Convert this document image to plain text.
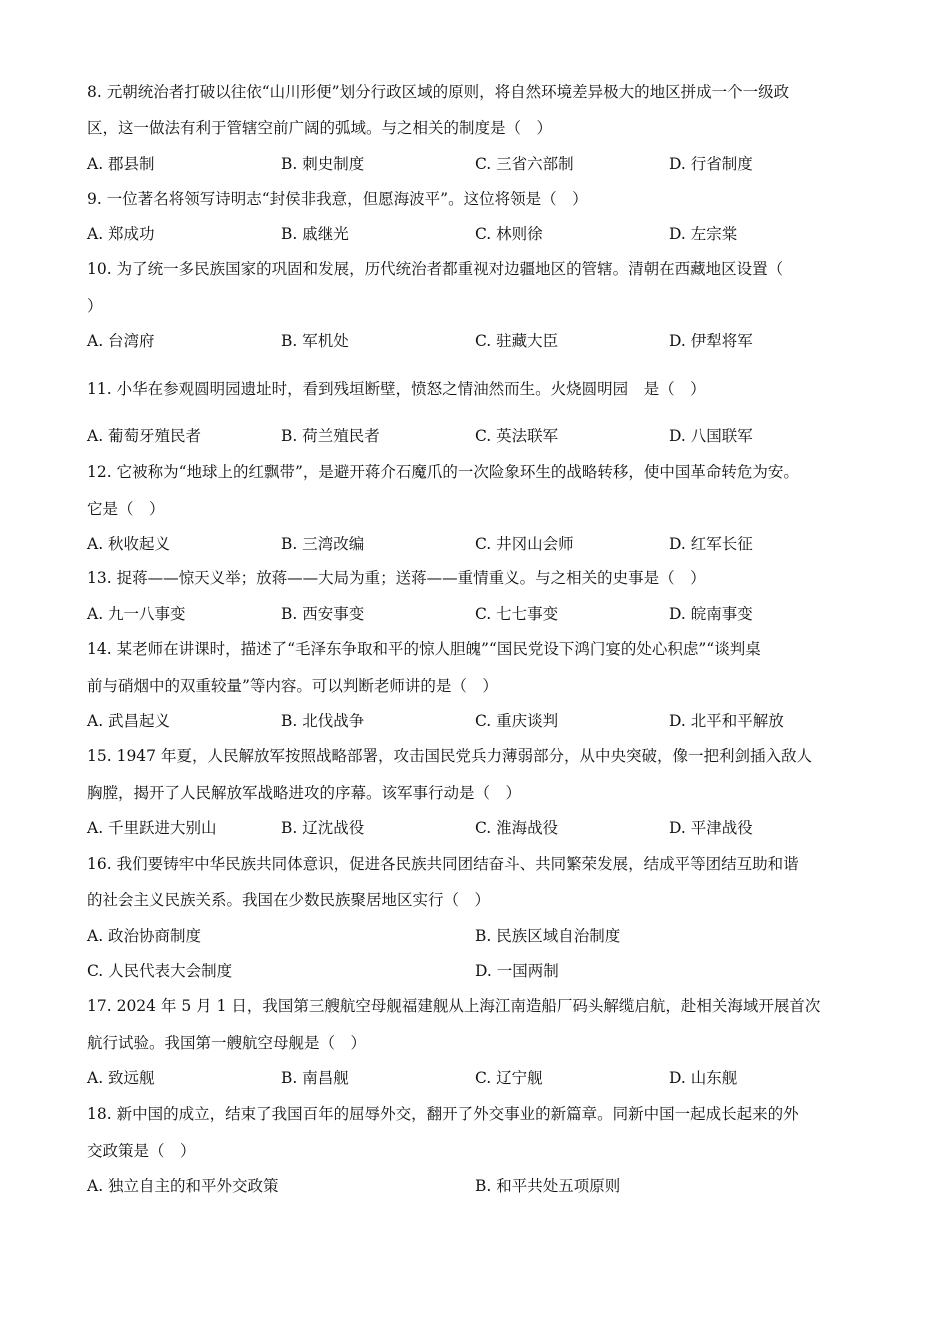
8. 元朝统治者打破以往依“山川形便”划分行政区域的原则，将自然环境差异极大的地区拼成一个一级政
区，这一做法有利于管辖空前广阔的弧域。与之相关的制度是（　）
A. 郡县制	B. 刺史制度	C. 三省六部制	D. 行省制度
9. 一位著名将领写诗明志“封侯非我意，但愿海波平”。这位将领是（　）
A. 郑成功	B. 戚继光	C. 林则徐	D. 左宗棠
10. 为了统一多民族国家的巩固和发展，历代统治者都重视对边疆地区的管辖。清朝在西藏地区设置（
）
A. 台湾府	B. 军机处	C. 驻藏大臣	D. 伊犁将军
11. 小华在参观圆明园遗址时，看到残垣断壁，愤怒之情油然而生。火烧圆明园　是（　）
A. 葡萄牙殖民者	B. 荷兰殖民者	C. 英法联军	D. 八国联军
12. 它被称为“地球上的红飘带”，是避开蒋介石魔爪的一次险象环生的战略转移，使中国革命转危为安。
它是（　）
A. 秋收起义	B. 三湾改编	C. 井冈山会师	D. 红军长征
13. 捉蒋——惊天义举；放蒋——大局为重；送蒋——重情重义。与之相关的史事是（　）
A. 九一八事变	B. 西安事变	C. 七七事变	D. 皖南事变
14. 某老师在讲课时，描述了“毛泽东争取和平的惊人胆魄”“国民党设下鸿门宴的处心积虑”“谈判桌
前与硝烟中的双重较量”等内容。可以判断老师讲的是（　）
A. 武昌起义	B. 北伐战争	C. 重庆谈判	D. 北平和平解放
15. 1947 年夏，人民解放军按照战略部署，攻击国民党兵力薄弱部分，从中央突破，像一把利剑插入敌人
胸膛，揭开了人民解放军战略进攻的序幕。该军事行动是（　）
A. 千里跃进大别山	B. 辽沈战役	C. 淮海战役	D. 平津战役
16. 我们要铸牢中华民族共同体意识，促进各民族共同团结奋斗、共同繁荣发展，结成平等团结互助和谐
的社会主义民族关系。我国在少数民族聚居地区实行（　）
A. 政治协商制度	B. 民族区域自治制度
C. 人民代表大会制度	D. 一国两制
17. 2024 年 5 月 1 日，我国第三艘航空母舰福建舰从上海江南造船厂码头解缆启航，赴相关海域开展首次
航行试验。我国第一艘航空母舰是（　）
A. 致远舰	B. 南昌舰	C. 辽宁舰	D. 山东舰
18. 新中国的成立，结束了我国百年的屈辱外交，翻开了外交事业的新篇章。同新中国一起成长起来的外
交政策是（　）
A. 独立自主的和平外交政策	B. 和平共处五项原则
